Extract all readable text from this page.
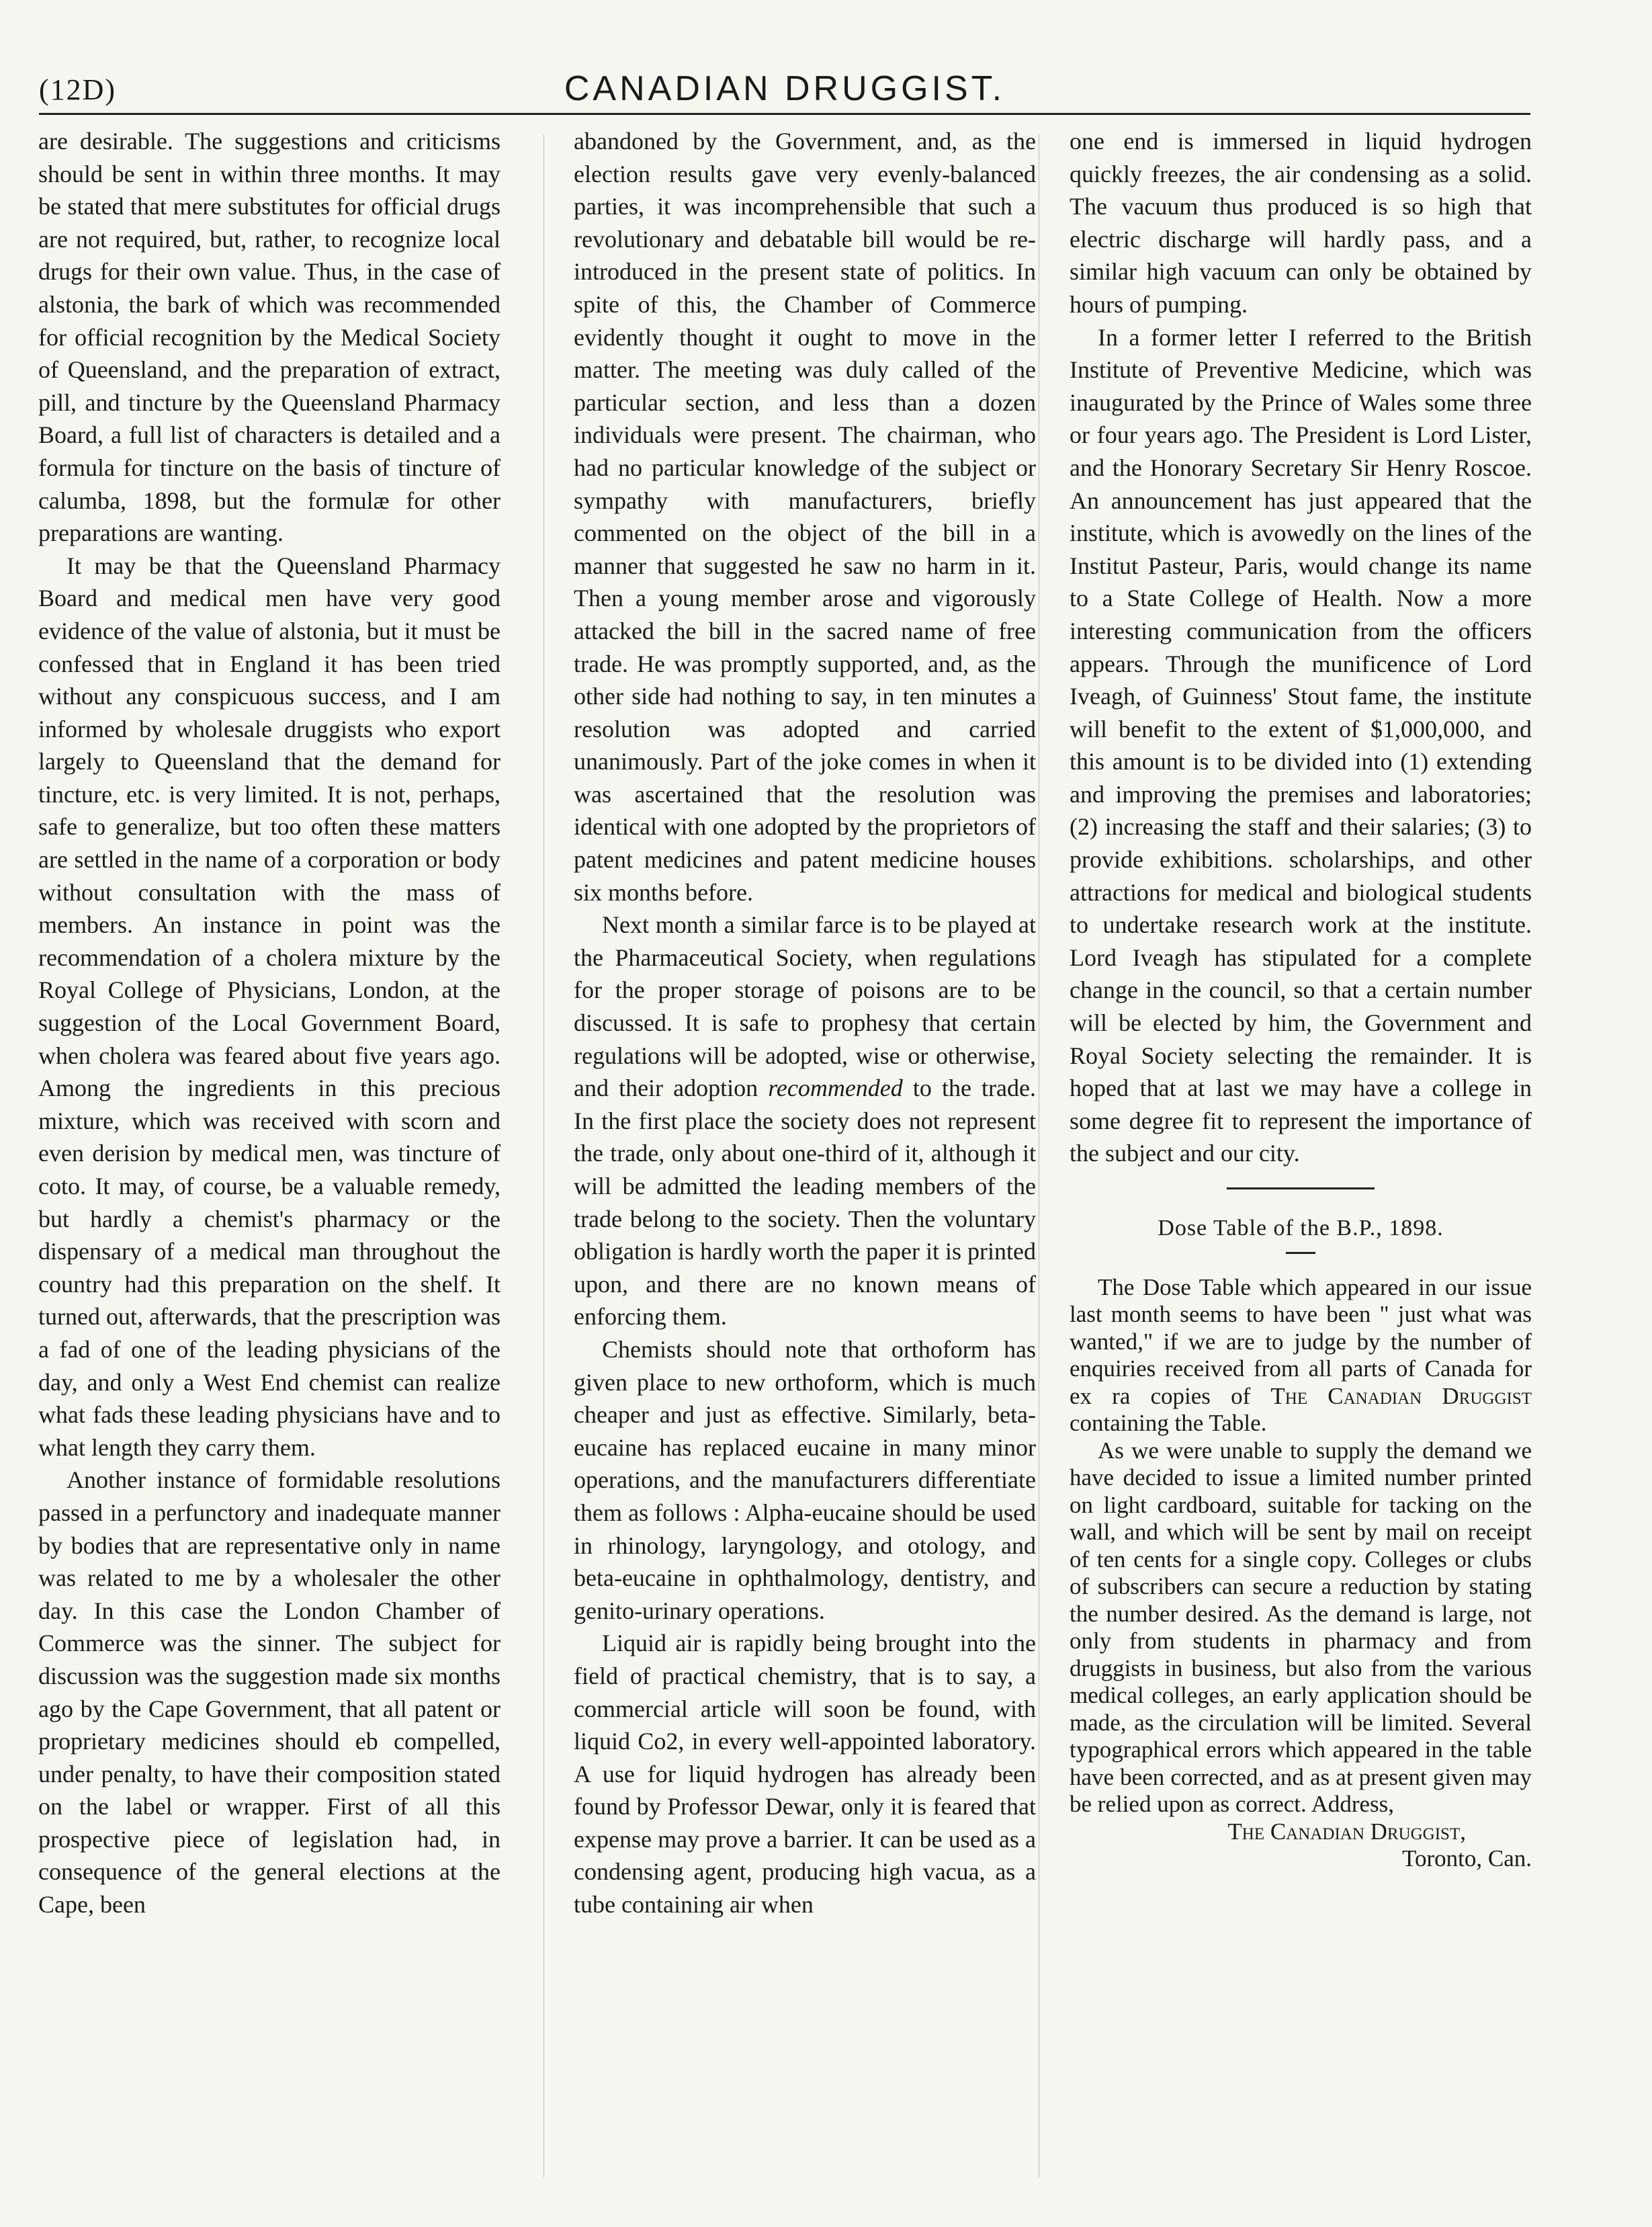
(12D)	CANADIAN DRUGGIST.

are desirable. The suggestions and criticisms should be sent in within three months. It may be stated that mere substitutes for official drugs are not required, but, rather, to recognize local drugs for their own value. Thus, in the case of alstonia, the bark of which was recommended for official recognition by the Medical Society of Queensland, and the preparation of extract, pill, and tincture by the Queensland Pharmacy Board, a full list of characters is detailed and a formula for tincture on the basis of tincture of calumba, 1898, but the formulæ for other preparations are wanting.

It may be that the Queensland Pharmacy Board and medical men have very good evidence of the value of alstonia, but it must be confessed that in England it has been tried without any conspicuous success, and I am informed by wholesale druggists who export largely to Queensland that the demand for tincture, etc. is very limited. It is not, perhaps, safe to generalize, but too often these matters are settled in the name of a corporation or body without consultation with the mass of members. An instance in point was the recommendation of a cholera mixture by the Royal College of Physicians, London, at the suggestion of the Local Government Board, when cholera was feared about five years ago. Among the ingredients in this precious mixture, which was received with scorn and even derision by medical men, was tincture of coto. It may, of course, be a valuable remedy, but hardly a chemist's pharmacy or the dispensary of a medical man throughout the country had this preparation on the shelf. It turned out, afterwards, that the prescription was a fad of one of the leading physicians of the day, and only a West End chemist can realize what fads these leading physicians have and to what length they carry them.

Another instance of formidable resolutions passed in a perfunctory and inadequate manner by bodies that are representative only in name was related to me by a wholesaler the other day. In this case the London Chamber of Commerce was the sinner. The subject for discussion was the suggestion made six months ago by the Cape Government, that all patent or proprietary medicines should eb compelled, under penalty, to have their composition stated on the label or wrapper. First of all this prospective piece of legislation had, in consequence of the general elections at the Cape, been

abandoned by the Government, and, as the election results gave very evenly-balanced parties, it was incomprehensible that such a revolutionary and debatable bill would be re-introduced in the present state of politics. In spite of this, the Chamber of Commerce evidently thought it ought to move in the matter. The meeting was duly called of the particular section, and less than a dozen individuals were present. The chairman, who had no particular knowledge of the subject or sympathy with manufacturers, briefly commented on the object of the bill in a manner that suggested he saw no harm in it. Then a young member arose and vigorously attacked the bill in the sacred name of free trade. He was promptly supported, and, as the other side had nothing to say, in ten minutes a resolution was adopted and carried unanimously. Part of the joke comes in when it was ascertained that the resolution was identical with one adopted by the proprietors of patent medicines and patent medicine houses six months before.

Next month a similar farce is to be played at the Pharmaceutical Society, when regulations for the proper storage of poisons are to be discussed. It is safe to prophesy that certain regulations will be adopted, wise or otherwise, and their adoption recommended to the trade. In the first place the society does not represent the trade, only about one-third of it, although it will be admitted the leading members of the trade belong to the society. Then the voluntary obligation is hardly worth the paper it is printed upon, and there are no known means of enforcing them.

Chemists should note that orthoform has given place to new orthoform, which is much cheaper and just as effective. Similarly, beta-eucaine has replaced eucaine in many minor operations, and the manufacturers differentiate them as follows : Alpha-eucaine should be used in rhinology, laryngology, and otology, and beta-eucaine in ophthalmology, dentistry, and genito-urinary operations.

Liquid air is rapidly being brought into the field of practical chemistry, that is to say, a commercial article will soon be found, with liquid Co2, in every well-appointed laboratory. A use for liquid hydrogen has already been found by Professor Dewar, only it is feared that expense may prove a barrier. It can be used as a condensing agent, producing high vacua, as a tube containing air when

one end is immersed in liquid hydrogen quickly freezes, the air condensing as a solid. The vacuum thus produced is so high that electric discharge will hardly pass, and a similar high vacuum can only be obtained by hours of pumping.

In a former letter I referred to the British Institute of Preventive Medicine, which was inaugurated by the Prince of Wales some three or four years ago. The President is Lord Lister, and the Honorary Secretary Sir Henry Roscoe. An announcement has just appeared that the institute, which is avowedly on the lines of the Institut Pasteur, Paris, would change its name to a State College of Health. Now a more interesting communication from the officers appears. Through the munificence of Lord Iveagh, of Guinness' Stout fame, the institute will benefit to the extent of $1,000,000, and this amount is to be divided into (1) extending and improving the premises and laboratories; (2) increasing the staff and their salaries; (3) to provide exhibitions. scholarships, and other attractions for medical and biological students to undertake research work at the institute. Lord Iveagh has stipulated for a complete change in the council, so that a certain number will be elected by him, the Government and Royal Society selecting the remainder. It is hoped that at last we may have a college in some degree fit to represent the importance of the subject and our city.

Dose Table of the B.P., 1898.

The Dose Table which appeared in our issue last month seems to have been " just what was wanted," if we are to judge by the number of enquiries received from all parts of Canada for ex ra copies of The Canadian Druggist containing the Table.

As we were unable to supply the demand we have decided to issue a limited number printed on light cardboard, suitable for tacking on the wall, and which will be sent by mail on receipt of ten cents for a single copy. Colleges or clubs of subscribers can secure a reduction by stating the number desired. As the demand is large, not only from students in pharmacy and from druggists in business, but also from the various medical colleges, an early application should be made, as the circulation will be limited. Several typographical errors which appeared in the table have been corrected, and as at present given may be relied upon as correct. Address,

The Canadian Druggist,

Toronto, Can.
